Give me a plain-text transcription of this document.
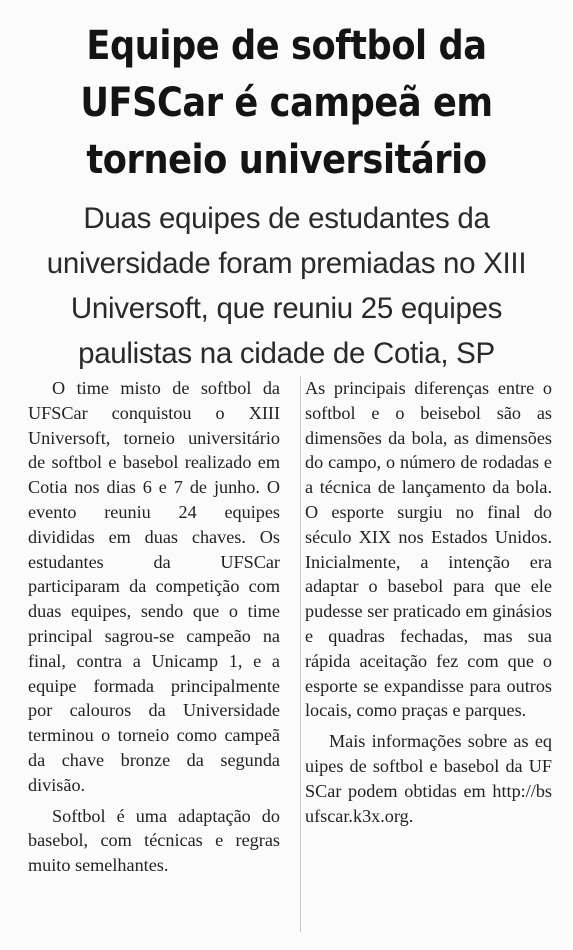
Equipe de softbol da
UFSCar é campeã em
torneio universitário
Duas equipes de estudantes da
universidade foram premiadas no XIII
Universoft, que reuniu 25 equipes
paulistas na cidade de Cotia, SP

O time misto de softbol da UFSCar conquistou o XIII Universoft, torneio universitário de softbol e basebol realizado em Cotia nos dias 6 e 7 de junho. O evento reuniu 24 equipes divididas em duas chaves. Os estudantes da UFSCar participaram da competição com duas equipes, sendo que o time principal sagrou-se campeão na final, contra a Unicamp 1, e a equipe formada principalmente por calouros da Universidade terminou o torneio como campeã da chave bronze da segunda divisão.

Softbol é uma adaptação do basebol, com técnicas e regras muito semelhantes.

As principais diferenças entre o softbol e o beisebol são as dimensões da bola, as dimensões do campo, o número de rodadas e a técnica de lançamento da bola. O esporte surgiu no final do século XIX nos Estados Unidos. Inicialmente, a intenção era adaptar o basebol para que ele pudesse ser praticado em ginásios e quadras fechadas, mas sua rápida aceitação fez com que o esporte se expandisse para outros locais, como praças e parques.

Mais informações sobre as equipes de softbol e basebol da UFSCar podem obtidas em http://bsufscar.k3x.org.
